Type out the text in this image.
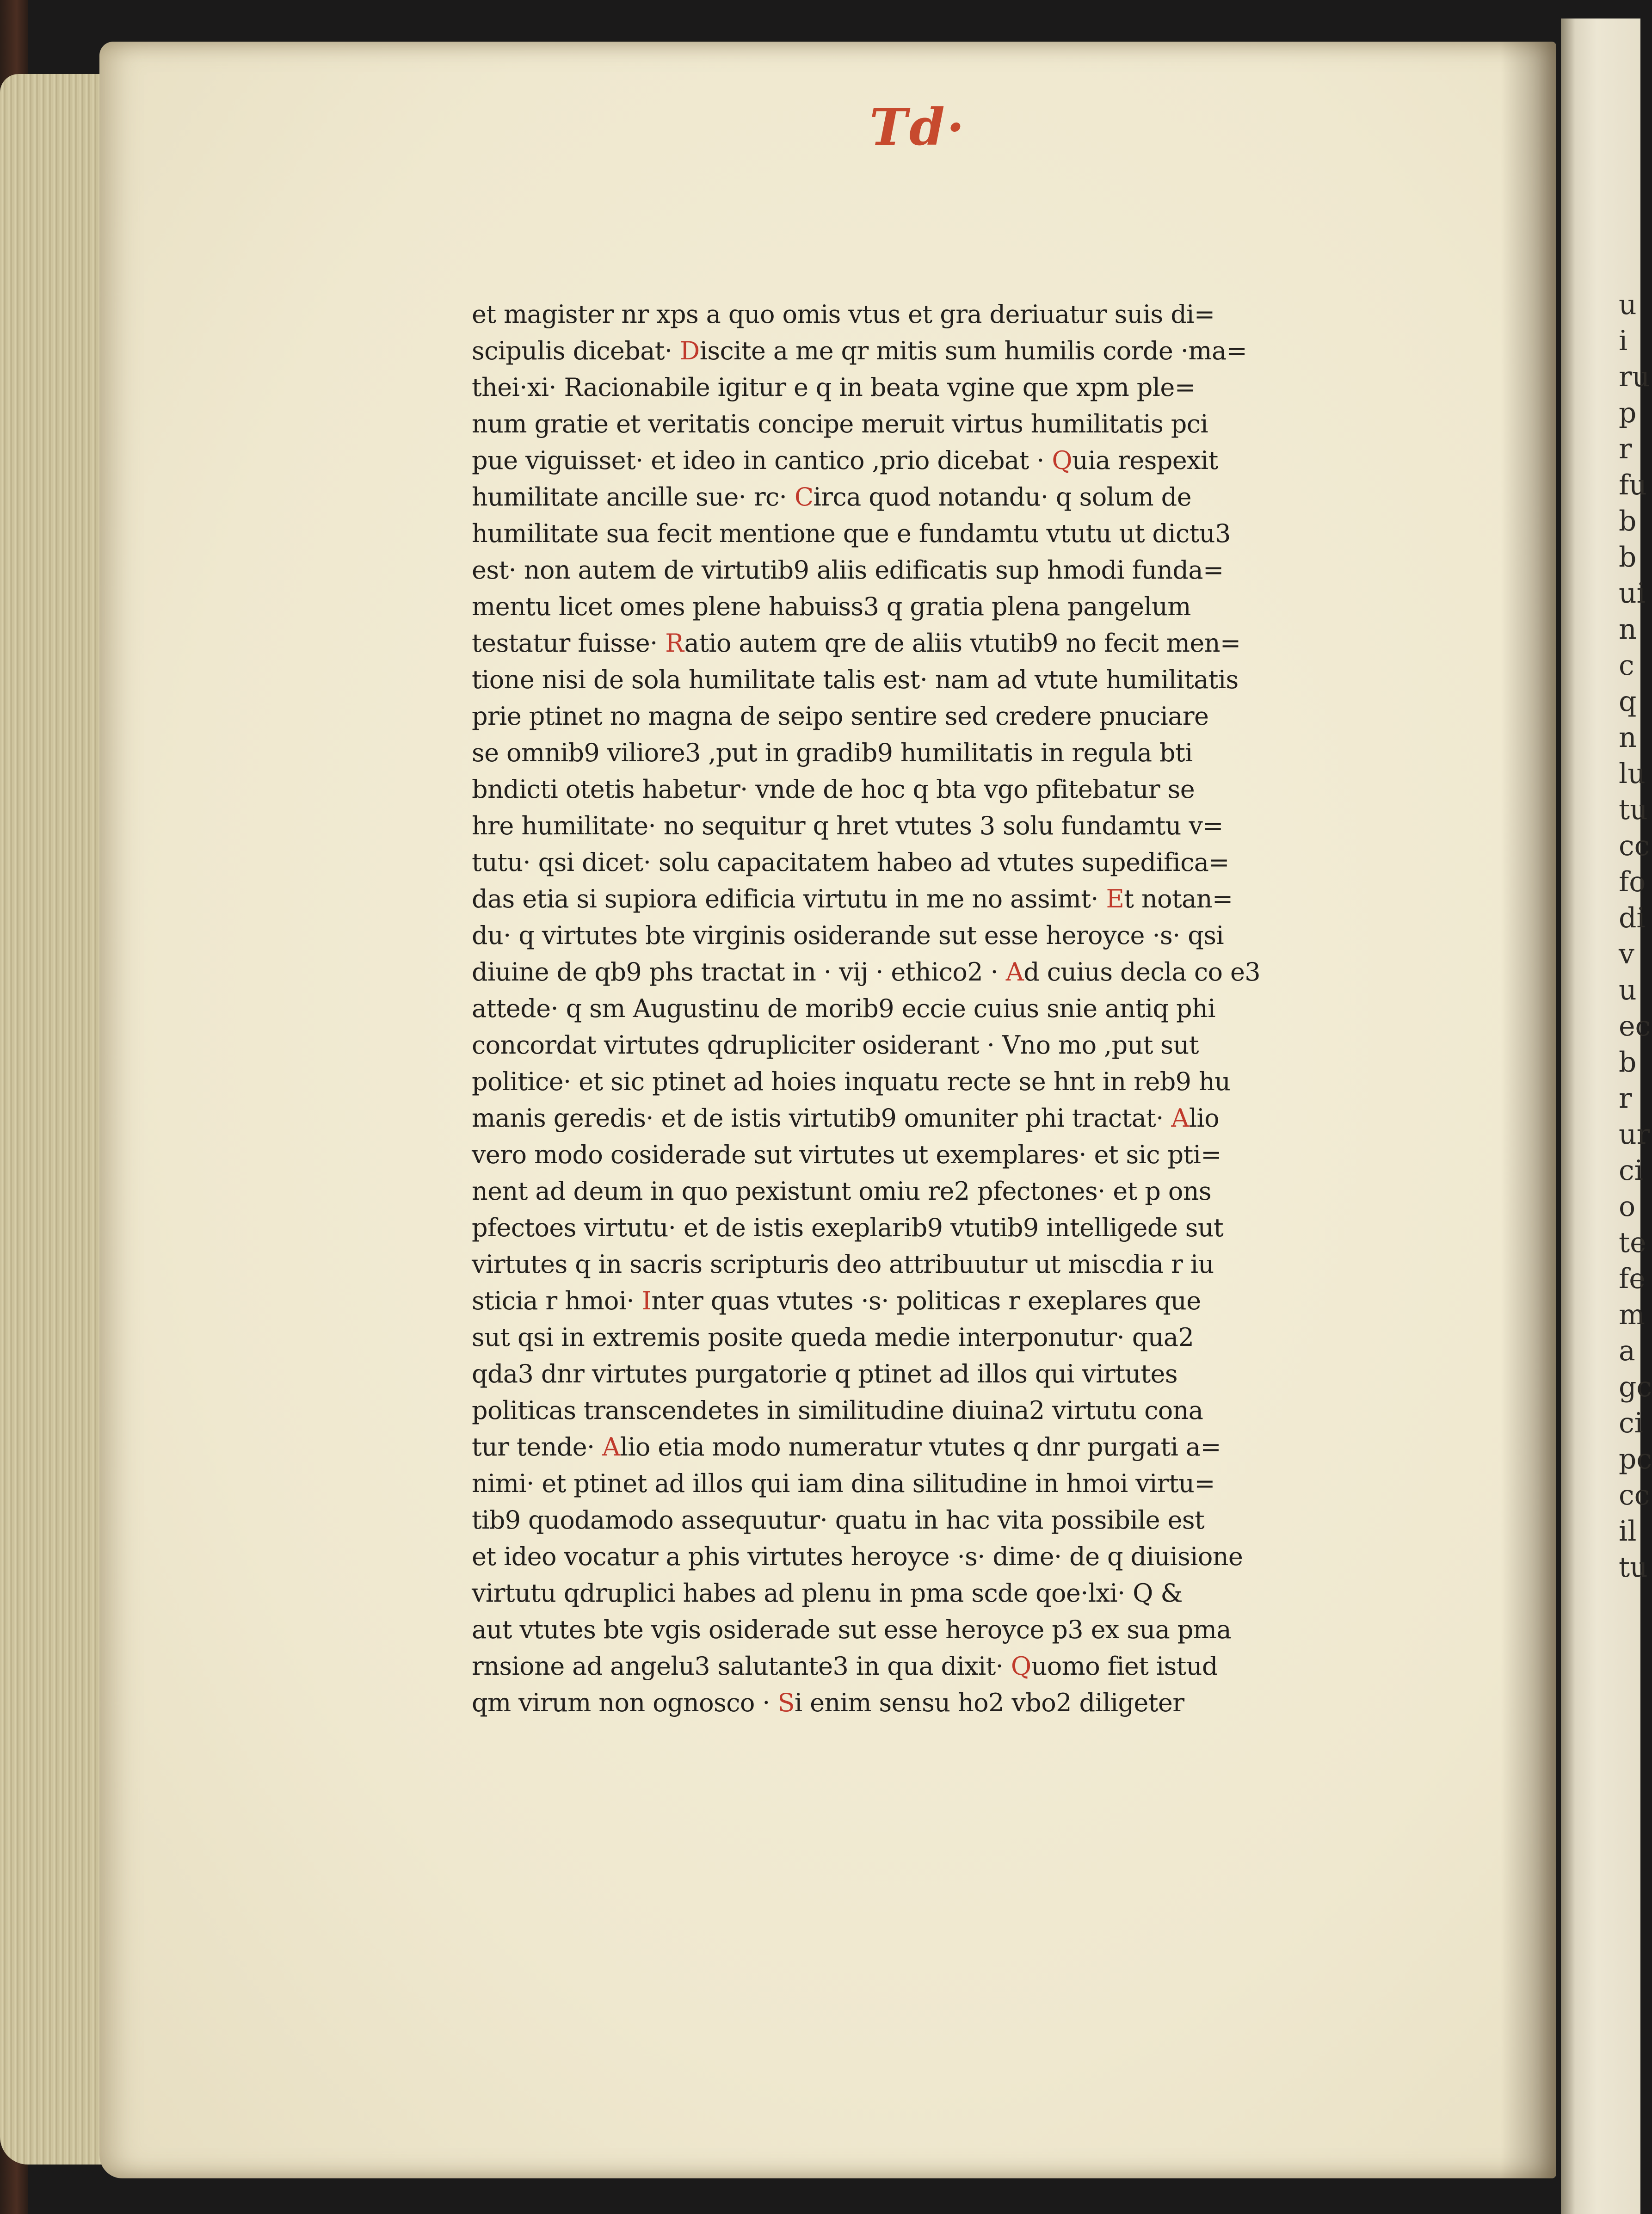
u
i
ru
p
r
fu
b
b
ui
n
c
q
n
lu
tu
cc
fo
di
v
u
ec
b
r
ur
ci
o
te
fe
m
a
gc
ci
pc
cc
il
tu
Td·
et magister nr xps a quo omis vtus et gra deriuatur suis di=
scipulis dicebat· Discite a me qr mitis sum humilis corde ·ma=
thei·xi· Racionabile igitur e q in beata vgine que xpm ple=
num gratie et veritatis concipe meruit virtus humilitatis pci
pue viguisset· et ideo in cantico ,prio dicebat · Quia respexit
humilitate ancille sue· rc· Circa quod notandu· q solum de
humilitate sua fecit mentione que e fundamtu vtutu ut dictu3
est· non autem de virtutib9 aliis edificatis sup hmodi funda=
mentu licet omes plene habuiss3 q gratia plena pangelum
testatur fuisse· Ratio autem qre de aliis vtutib9 no fecit men=
tione nisi de sola humilitate talis est· nam ad vtute humilitatis
prie ptinet no magna de seipo sentire sed credere pnuciare
se omnib9 viliore3 ,put in gradib9 humilitatis in regula bti
bndicti otetis habetur· vnde de hoc q bta vgo pfitebatur se
hre humilitate· no sequitur q hret vtutes 3 solu fundamtu v=
tutu· qsi dicet· solu capacitatem habeo ad vtutes supedifica=
das etia si supiora edificia virtutu in me no assimt· Et notan=
du· q virtutes bte virginis osiderande sut esse heroyce ·s· qsi
diuine de qb9 phs tractat in · vij · ethico2 · Ad cuius decla co e3
attede· q sm Augustinu de morib9 eccie cuius snie antiq phi
concordat virtutes qdrupliciter osiderant · Vno mo ,put sut
politice· et sic ptinet ad hoies inquatu recte se hnt in reb9 hu
manis geredis· et de istis virtutib9 omuniter phi tractat· Alio
vero modo cosiderade sut virtutes ut exemplares· et sic pti=
nent ad deum in quo pexistunt omiu re2 pfectones· et p ons
pfectoes virtutu· et de istis exeplarib9 vtutib9 intelligede sut
virtutes q in sacris scripturis deo attribuutur ut miscdia r iu
sticia r hmoi· Inter quas vtutes ·s· politicas r exeplares que
sut qsi in extremis posite queda medie interponutur· qua2
qda3 dnr virtutes purgatorie q ptinet ad illos qui virtutes
politicas transcendetes in similitudine diuina2 virtutu cona
tur tende· Alio etia modo numeratur vtutes q dnr purgati a=
nimi· et ptinet ad illos qui iam dina silitudine in hmoi virtu=
tib9 quodamodo assequutur· quatu in hac vita possibile est
et ideo vocatur a phis virtutes heroyce ·s· dime· de q diuisione
virtutu qdruplici habes ad plenu in pma scde qoe·lxi· Q &
aut vtutes bte vgis osiderade sut esse heroyce p3 ex sua pma
rnsione ad angelu3 salutante3 in qua dixit· Quomo fiet istud
qm virum non ognosco · Si enim sensu ho2 vbo2 diligeter
